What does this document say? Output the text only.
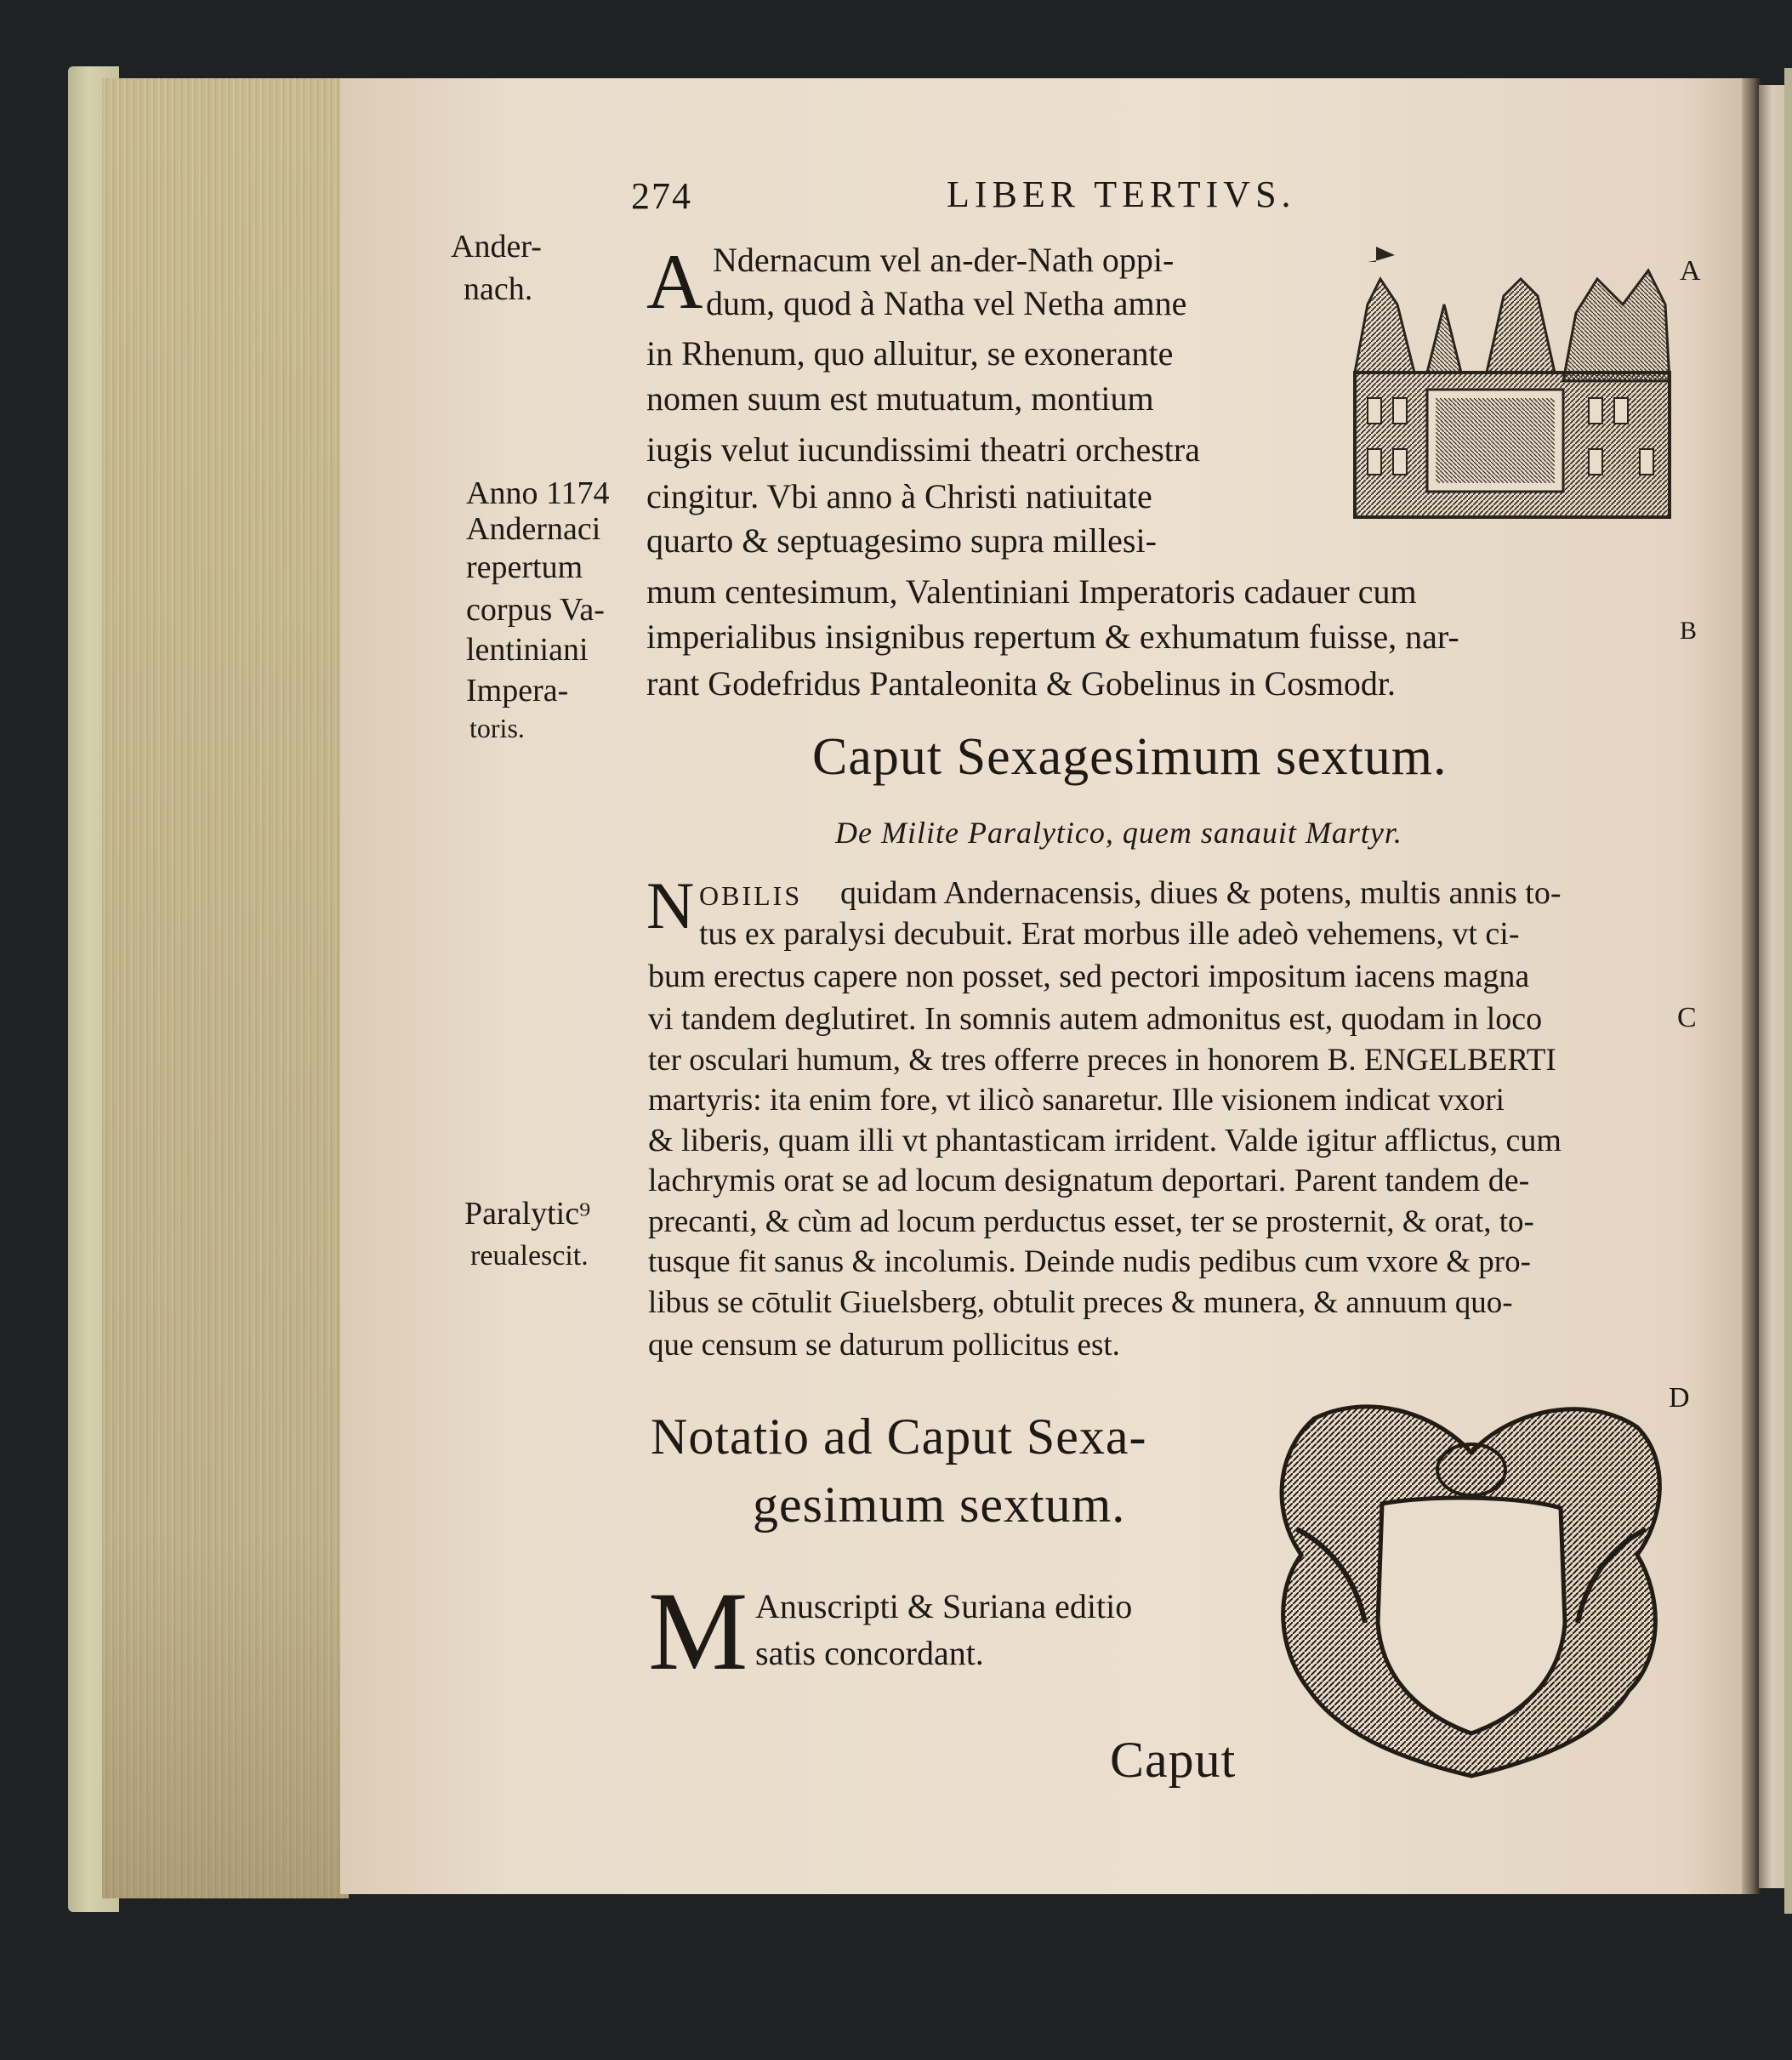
274	LIBER TERTIVS.
Ander-
nach.
Anno 1174
Andernaci
repertum
corpus Va-
lentiniani
Impera-
toris.
Paralytic⁹
reualescit.
A
B
C
D
A Ndernacum vel an-der-Nath oppi-
dum, quod à Natha vel Netha amne
in Rhenum, quo alluitur, se exonerante
nomen suum est mutuatum, montium
iugis velut iucundissimi theatri orchestra
cingitur. Vbi anno à Christi natiuitate
quarto & septuagesimo supra millesi-
mum centesimum, Valentiniani Imperatoris cadauer cum
imperialibus insignibus repertum & exhumatum fuisse, nar-
rant Godefridus Pantaleonita & Gobelinus in Cosmodr.
Caput Sexagesimum sextum.
De Milite Paralytico, quem sanauit Martyr.
N OBILIS quidam Andernacensis, diues & potens, multis annis to-
tus ex paralysi decubuit. Erat morbus ille adeò vehemens, vt ci-
bum erectus capere non posset, sed pectori impositum iacens magna
vi tandem deglutiret. In somnis autem admonitus est, quodam in loco
ter osculari humum, & tres offerre preces in honorem B. ENGELBERTI
martyris: ita enim fore, vt ilicò sanaretur. Ille visionem indicat vxori
& liberis, quam illi vt phantasticam irrident. Valde igitur afflictus, cum
lachrymis orat se ad locum designatum deportari. Parent tandem de-
precanti, & cùm ad locum perductus esset, ter se prosternit, & orat, to-
tusque fit sanus & incolumis. Deinde nudis pedibus cum vxore & pro-
libus se cōtulit Giuelsberg, obtulit preces & munera, & annuum quo-
que censum se daturum pollicitus est.
Notatio ad Caput Sexa-
gesimum sextum.
M Anuscripti & Suriana editio
satis concordant.
Caput
